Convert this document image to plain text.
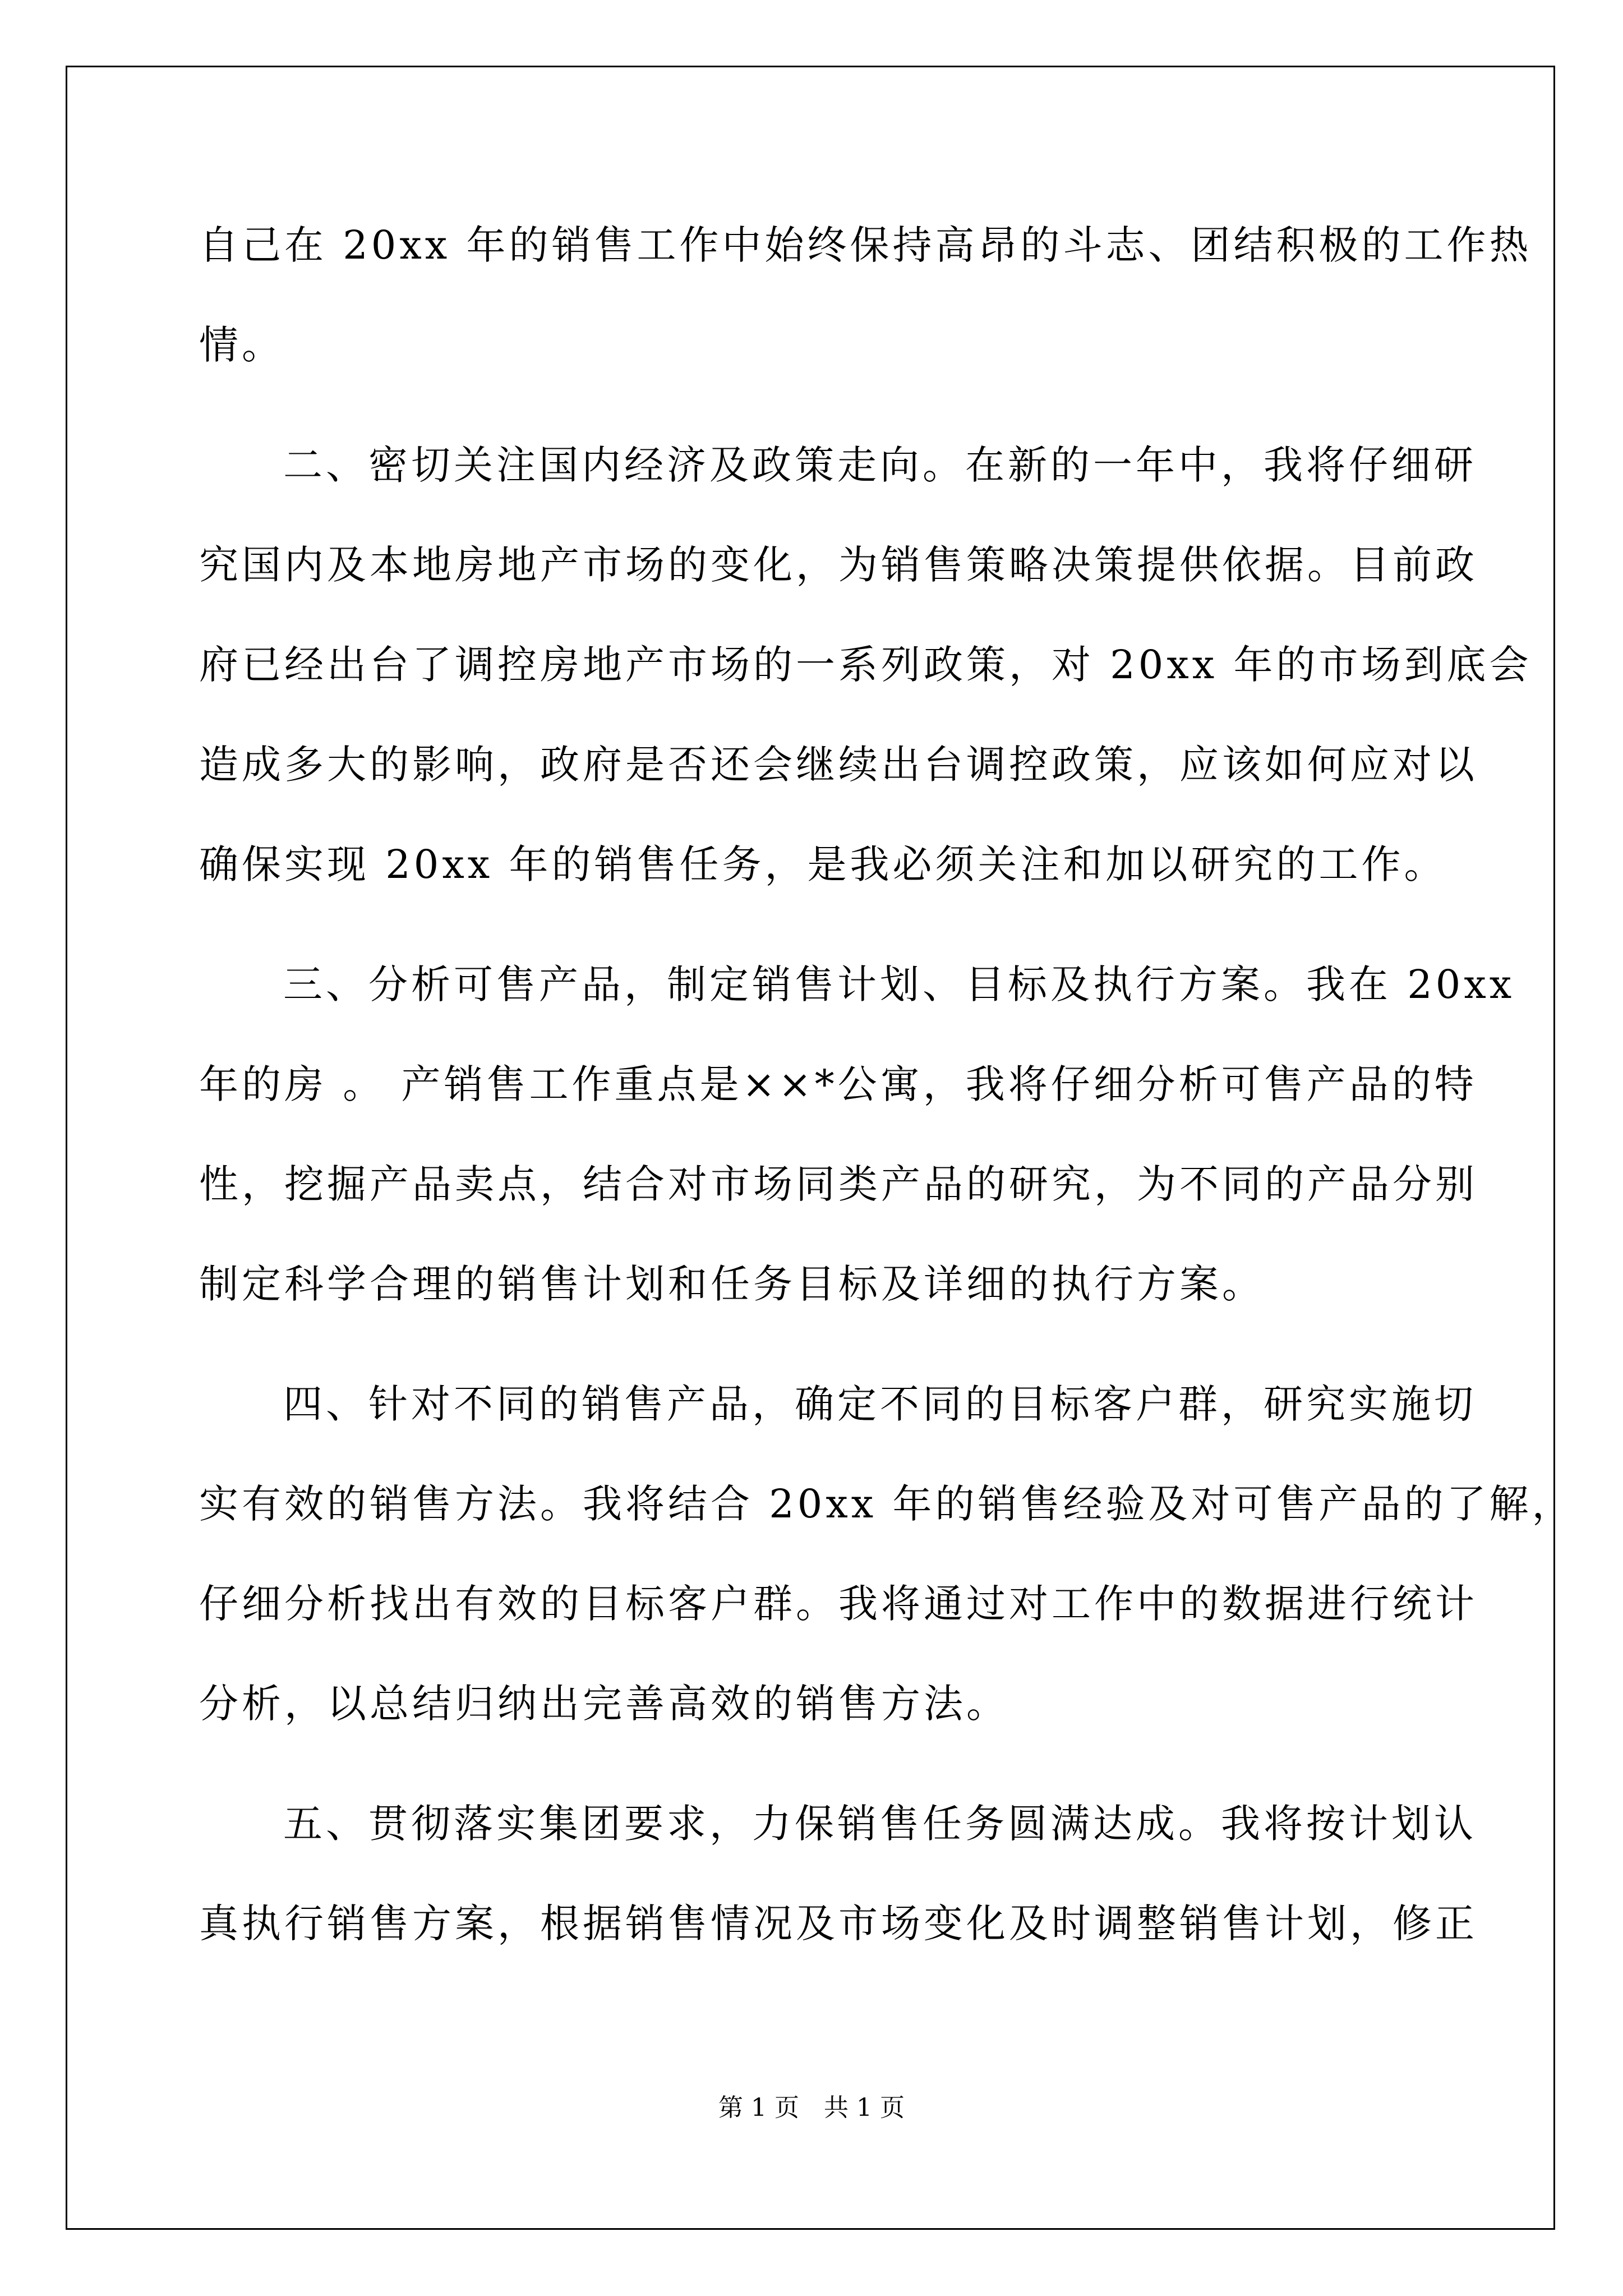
自己在 20xx 年的销售工作中始终保持高昂的斗志、团结积极的工作热
情。
二、密切关注国内经济及政策走向。在新的一年中，我将仔细研
究国内及本地房地产市场的变化，为销售策略决策提供依据。目前政
府已经出台了调控房地产市场的一系列政策，对 20xx 年的市场到底会
造成多大的影响，政府是否还会继续出台调控政策，应该如何应对以
确保实现 20xx 年的销售任务，是我必须关注和加以研究的工作。
三、分析可售产品，制定销售计划、目标及执行方案。我在 20xx
年的房 。 产销售工作重点是××*公寓，我将仔细分析可售产品的特
性，挖掘产品卖点，结合对市场同类产品的研究，为不同的产品分别
制定科学合理的销售计划和任务目标及详细的执行方案。
四、针对不同的销售产品，确定不同的目标客户群，研究实施切
实有效的销售方法。我将结合 20xx 年的销售经验及对可售产品的了解，
仔细分析找出有效的目标客户群。我将通过对工作中的数据进行统计
分析，以总结归纳出完善高效的销售方法。
五、贯彻落实集团要求，力保销售任务圆满达成。我将按计划认
真执行销售方案，根据销售情况及市场变化及时调整销售计划，修正
第 1 页　共 1 页
